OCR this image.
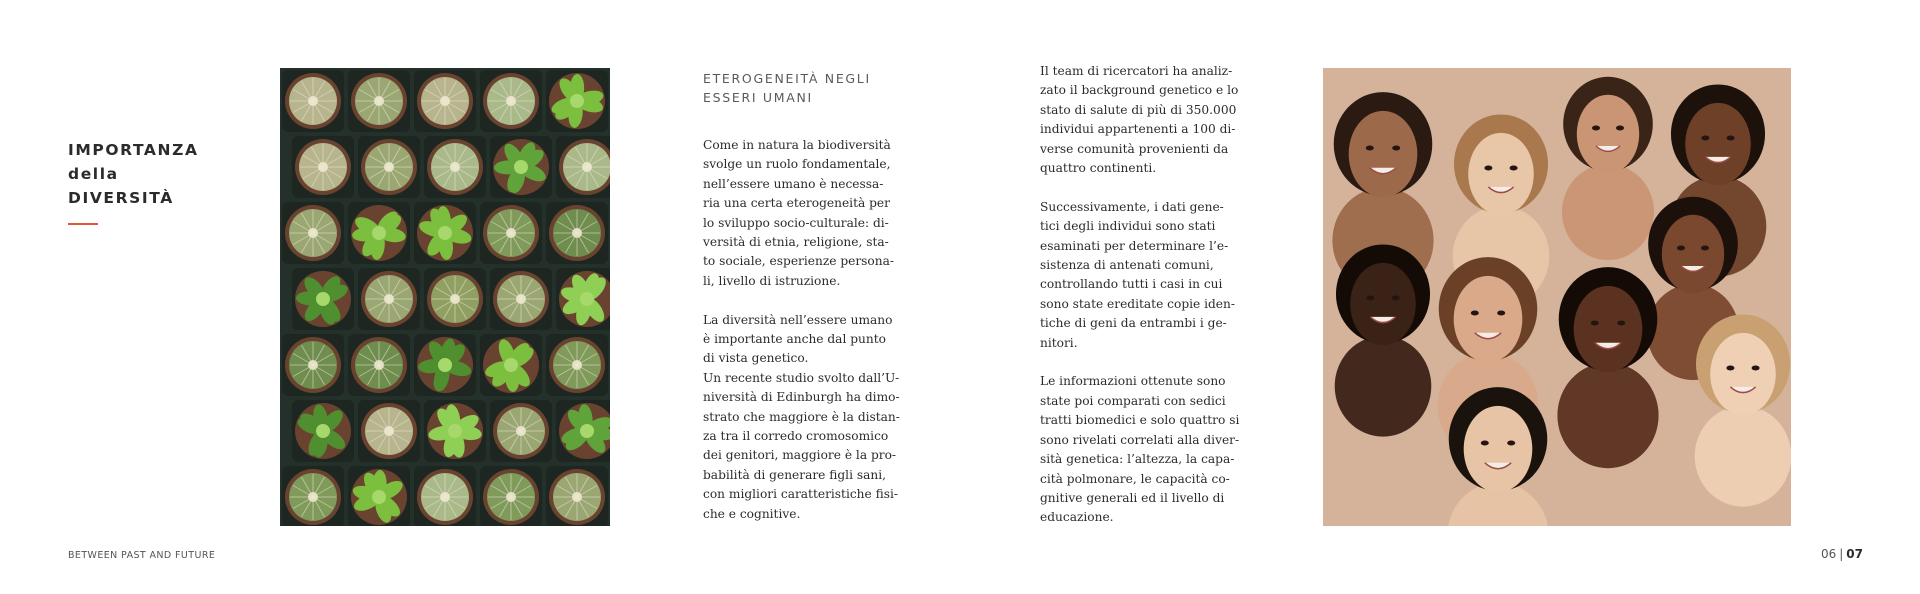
IMPORTANZA
della
DIVERSITÀ
ETEROGENEITÀ NEGLI
ESSERI UMANI

Come in natura la biodiversità
svolge un ruolo fondamentale,
nell’essere umano è necessa-
ria una certa eterogeneità per
lo sviluppo socio-culturale: di-
versità di etnia, religione, sta-
to sociale, esperienze persona-
li, livello di istruzione.

La diversità nell’essere umano
è importante anche dal punto
di vista genetico.

Un recente studio svolto dall’U-
niversità di Edinburgh ha dimo-
strato che maggiore è la distan-
za tra il corredo cromosomico
dei genitori, maggiore è la pro-
babilità di generare figli sani,
con migliori caratteristiche fisi-
che e cognitive.

Il team di ricercatori ha analiz-
zato il background genetico e lo
stato di salute di più di 350.000
individui appartenenti a 100 di-
verse comunità provenienti da
quattro continenti.

Successivamente, i dati gene-
tici degli individui sono stati
esaminati per determinare l’e-
sistenza di antenati comuni,
controllando tutti i casi in cui
sono state ereditate copie iden-
tiche di geni da entrambi i ge-
nitori.

Le informazioni ottenute sono
state poi comparati con sedici
tratti biomedici e solo quattro si
sono rivelati correlati alla diver-
sità genetica: l’altezza, la capa-
cità polmonare, le capacità co-
gnitive generali ed il livello di
educazione.

BETWEEN PAST AND FUTURE	06 | 07
